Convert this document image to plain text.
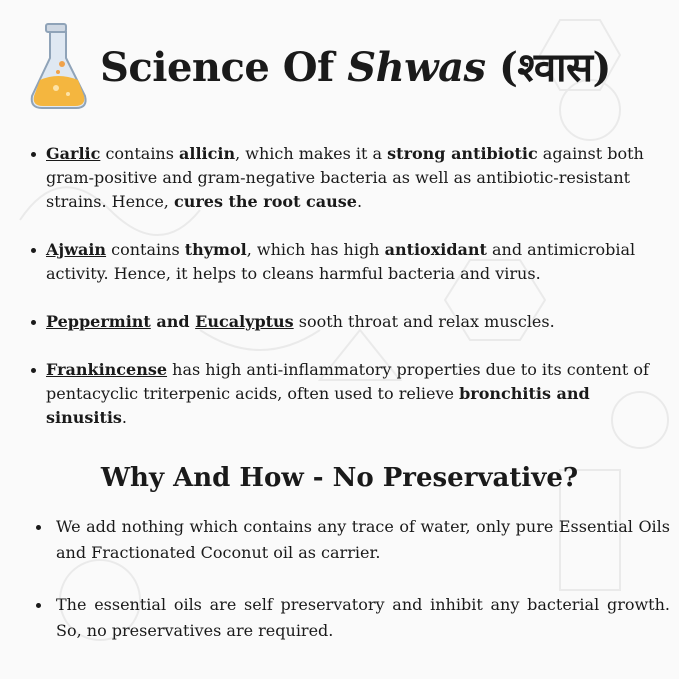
Science Of Shwas (श्वास)
Garlic contains allicin, which makes it a strong antibiotic against both gram-positive and gram-negative bacteria as well as antibiotic-resistant strains. Hence, cures the root cause.
Ajwain contains thymol, which has high antioxidant and antimicrobial activity. Hence, it helps to cleans harmful bacteria and virus.
Peppermint and Eucalyptus sooth throat and relax muscles.
Frankincense has high anti-inflammatory properties due to its content of pentacyclic triterpenic acids, often used to relieve bronchitis and sinusitis.
Why And How - No Preservative?
We add nothing which contains any trace of water, only pure Essential Oils and Fractionated Coconut oil as carrier.
The essential oils are self preservatory and inhibit any bacterial growth. So, no preservatives are required.
